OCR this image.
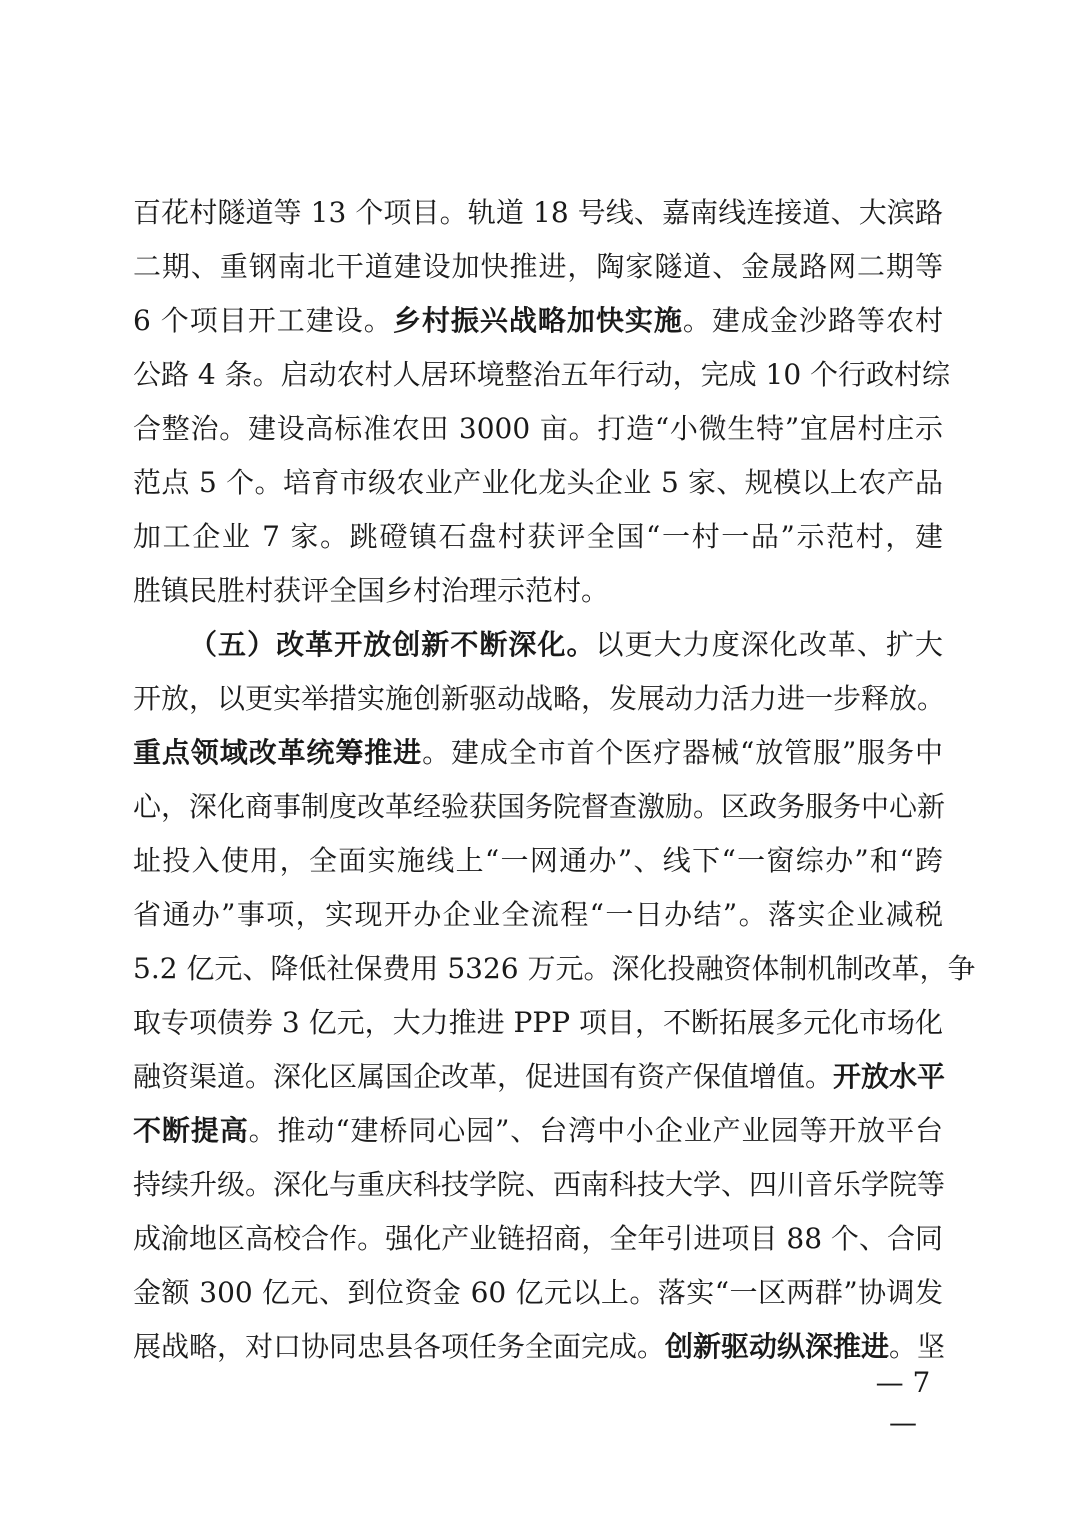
百花村隧道等 13 个项目。轨道 18 号线、嘉南线连接道、大滨路
二期、重钢南北干道建设加快推进，陶家隧道、金晟路网二期等
6 个项目开工建设。乡村振兴战略加快实施。建成金沙路等农村
公路 4 条。启动农村人居环境整治五年行动，完成 10 个行政村综
合整治。建设高标准农田 3000 亩。打造“小微生特”宜居村庄示
范点 5 个。培育市级农业产业化龙头企业 5 家、规模以上农产品
加工企业 7 家。跳磴镇石盘村获评全国“一村一品”示范村，建
胜镇民胜村获评全国乡村治理示范村。
（五）改革开放创新不断深化。以更大力度深化改革、扩大
开放，以更实举措实施创新驱动战略，发展动力活力进一步释放。
重点领域改革统筹推进。建成全市首个医疗器械“放管服”服务中
心，深化商事制度改革经验获国务院督查激励。区政务服务中心新
址投入使用，全面实施线上“一网通办”、线下“一窗综办”和“跨
省通办”事项，实现开办企业全流程“一日办结”。落实企业减税
5.2 亿元、降低社保费用 5326 万元。深化投融资体制机制改革，争
取专项债券 3 亿元，大力推进 PPP 项目，不断拓展多元化市场化
融资渠道。深化区属国企改革，促进国有资产保值增值。开放水平
不断提高。推动“建桥同心园”、台湾中小企业产业园等开放平台
持续升级。深化与重庆科技学院、西南科技大学、四川音乐学院等
成渝地区高校合作。强化产业链招商，全年引进项目 88 个、合同
金额 300 亿元、到位资金 60 亿元以上。落实“一区两群”协调发
展战略，对口协同忠县各项任务全面完成。创新驱动纵深推进。坚
— 7 —
